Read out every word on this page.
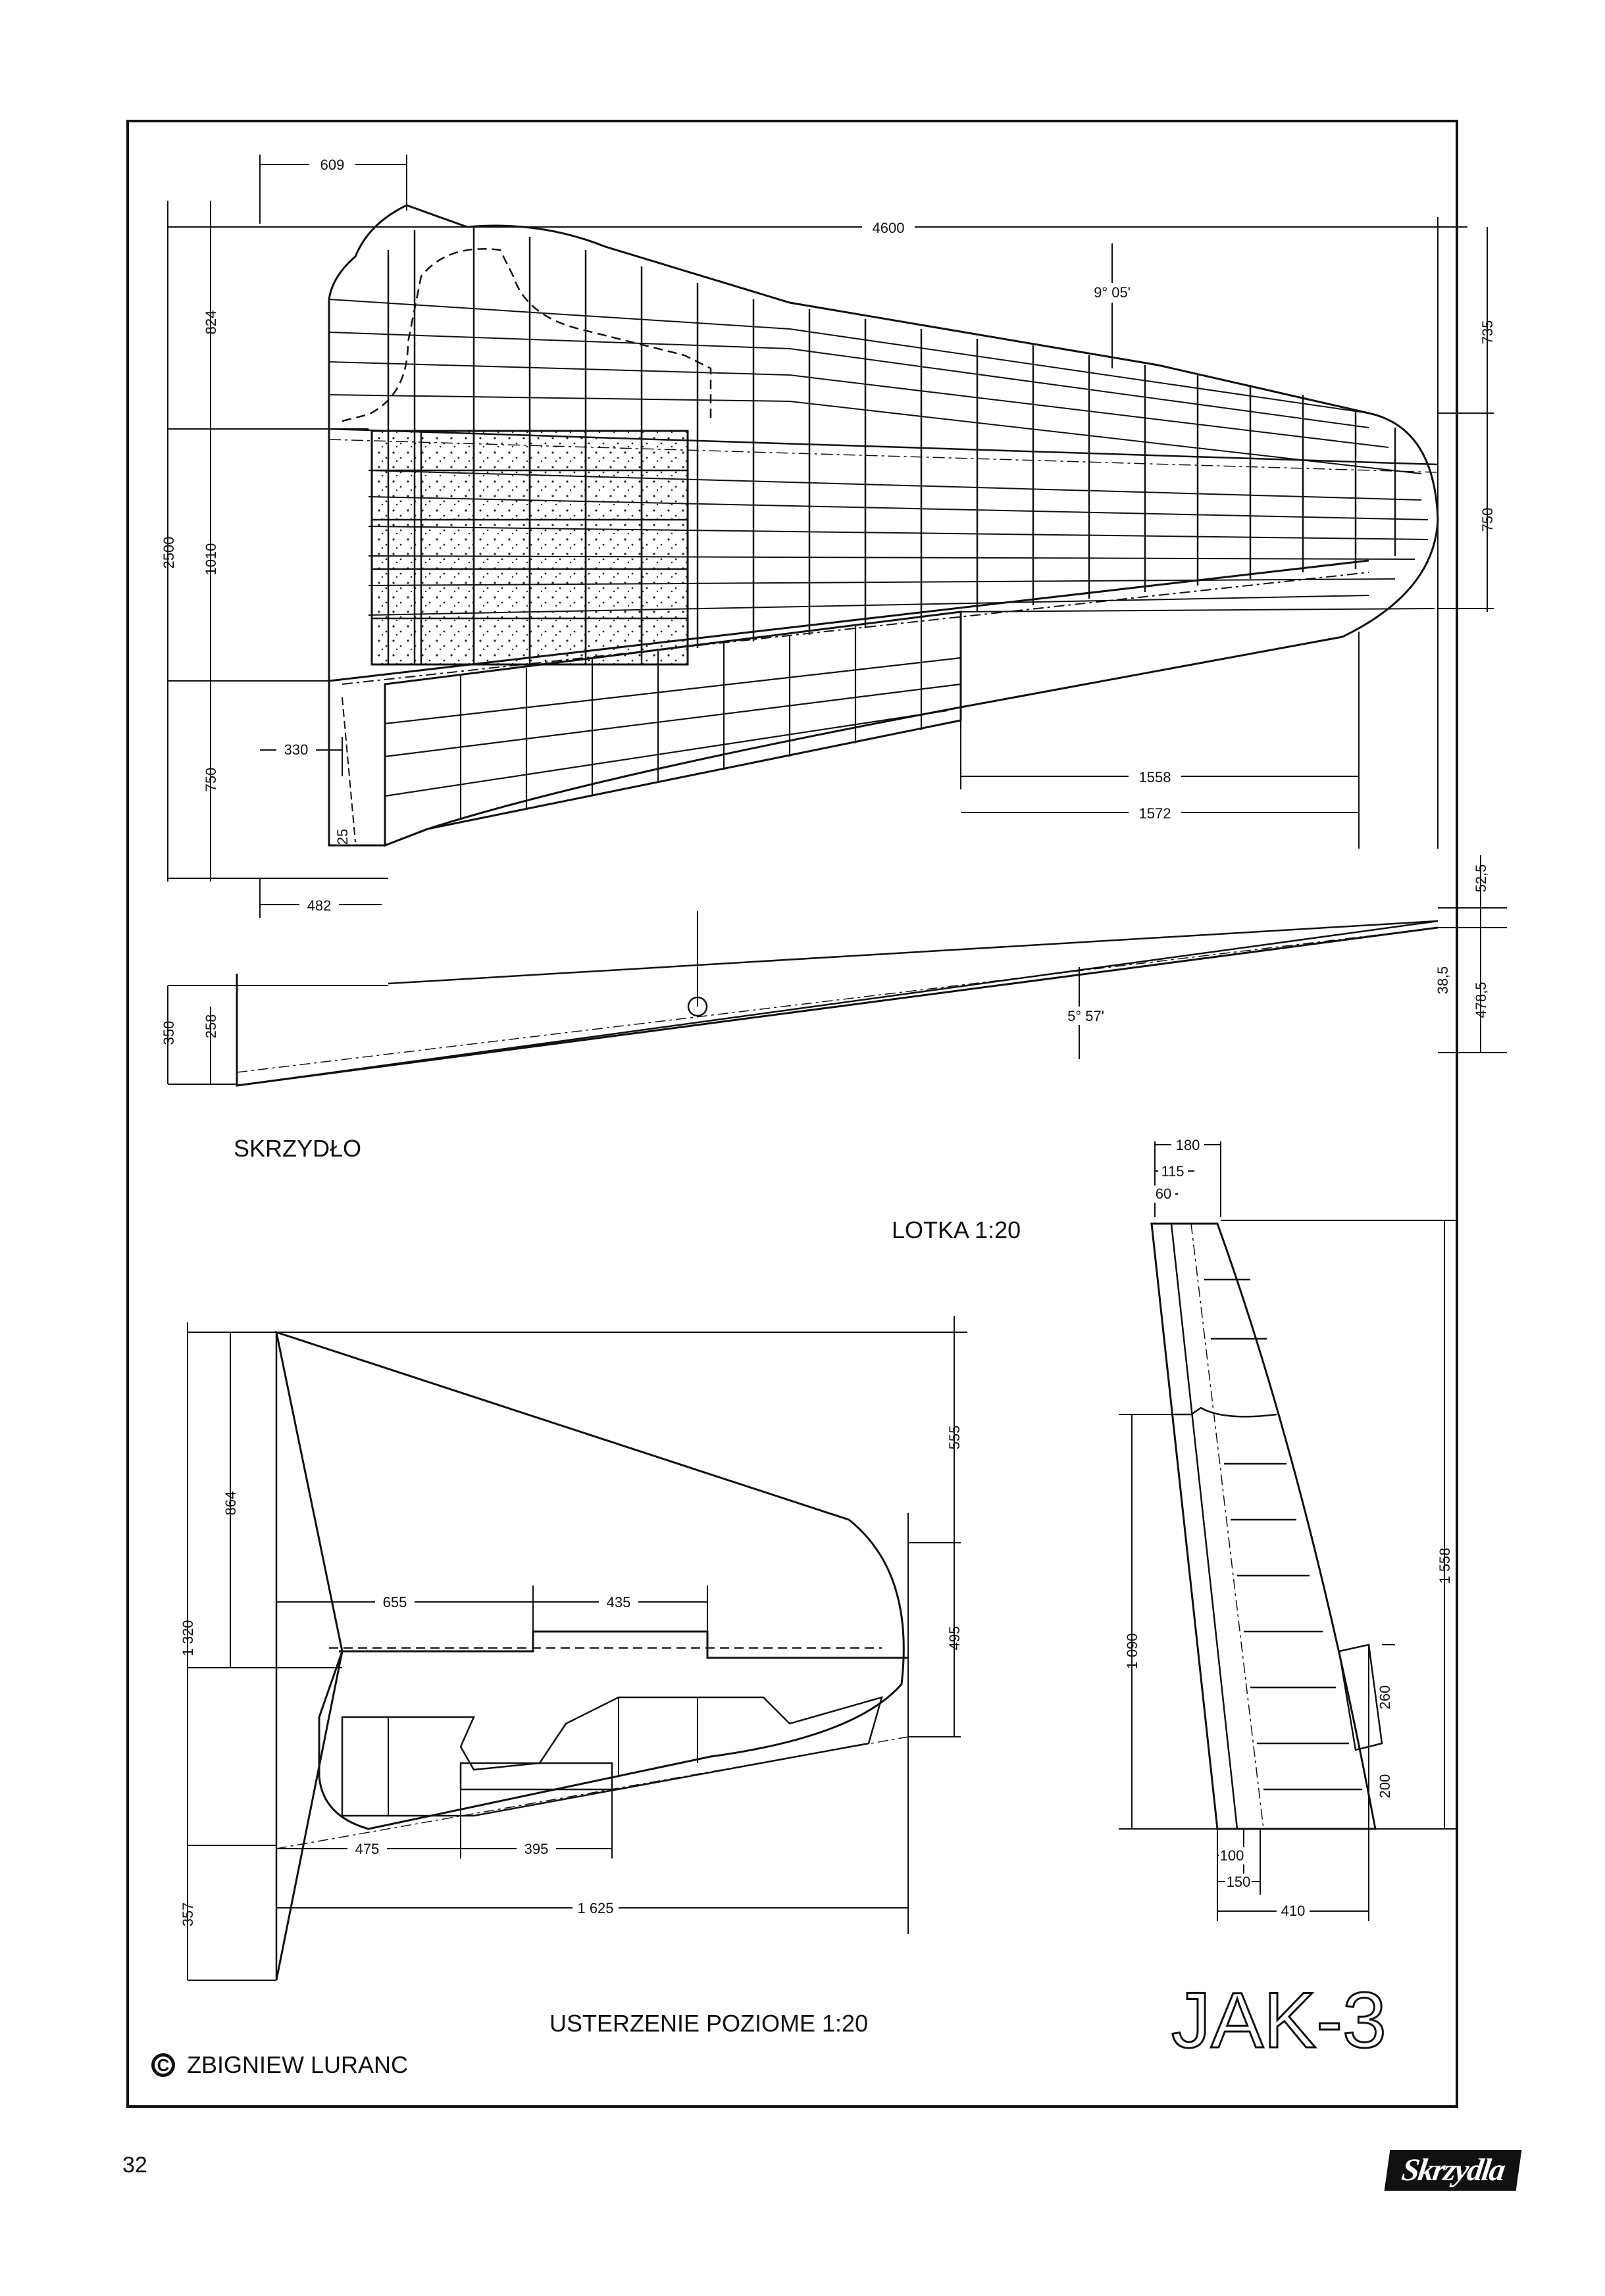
609
4600
9° 05'
2500
824
1010
750
735
750
330
25
482
1558
1572
350 258	5° 57'
52,5
38,5
478,5
180
115
60
1 558
1 090
260
200
100
150
410
1 320
864
555
495
655	435
357
475	395
1 625
SKRZYDŁO
LOTKA 1:20
USTERZENIE POZIOME 1:20	JAK-3
C ZBIGNIEW LURANC
32	Skrzydla
